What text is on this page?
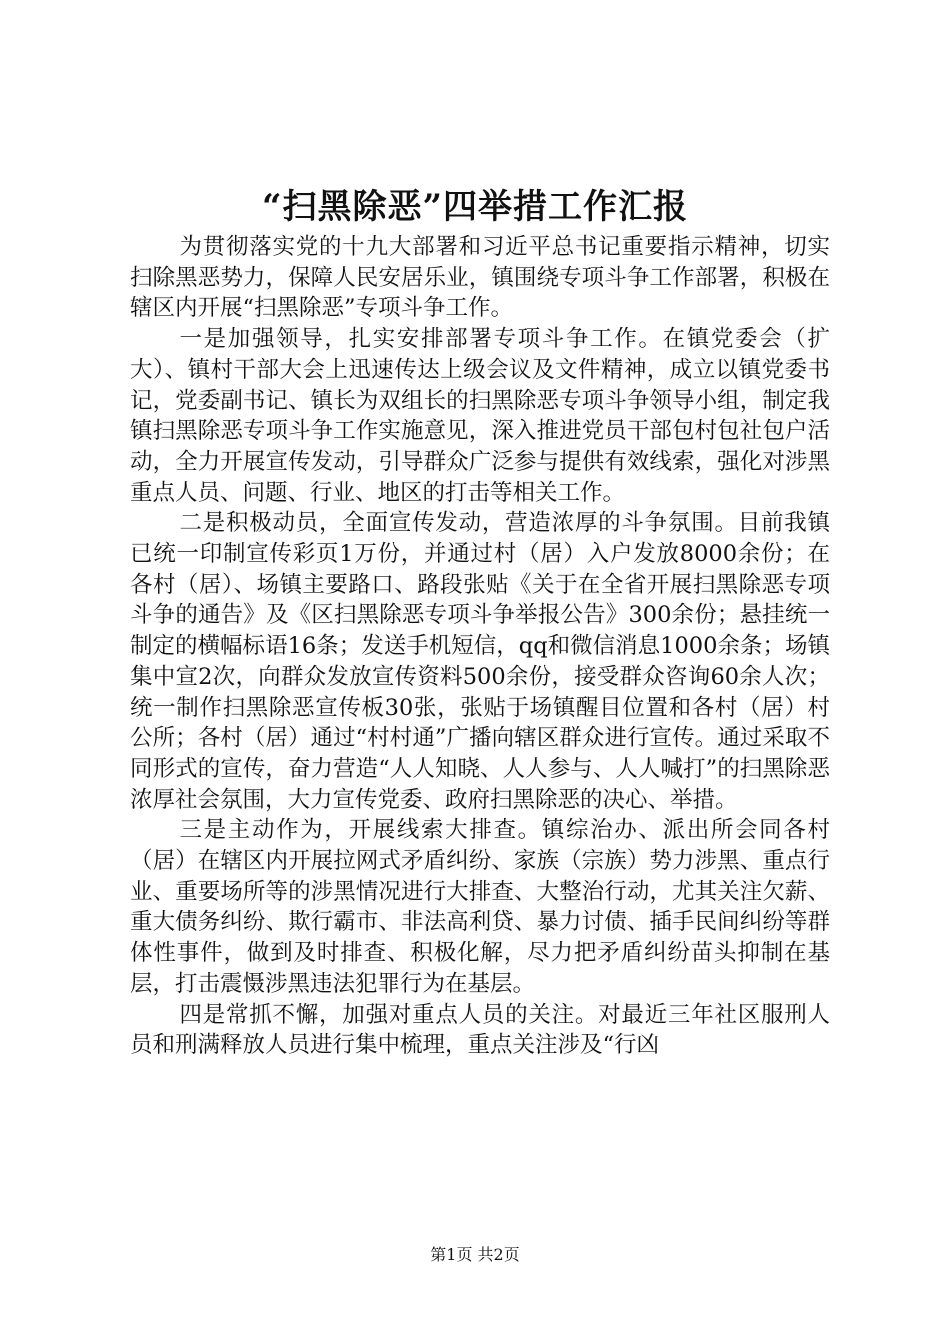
“扫黑除恶”四举措工作汇报

为贯彻落实党的十九大部署和习近平总书记重要指示精神，切实扫除黑恶势力，保障人民安居乐业，镇围绕专项斗争工作部署，积极在辖区内开展“扫黑除恶”专项斗争工作。

一是加强领导，扎实安排部署专项斗争工作。在镇党委会（扩大）、镇村干部大会上迅速传达上级会议及文件精神，成立以镇党委书记，党委副书记、镇长为双组长的扫黑除恶专项斗争领导小组，制定我镇扫黑除恶专项斗争工作实施意见，深入推进党员干部包村包社包户活动，全力开展宣传发动，引导群众广泛参与提供有效线索，强化对涉黑重点人员、问题、行业、地区的打击等相关工作。

二是积极动员，全面宣传发动，营造浓厚的斗争氛围。目前我镇已统一印制宣传彩页1万份，并通过村（居）入户发放8000余份；在各村（居）、场镇主要路口、路段张贴《关于在全省开展扫黑除恶专项斗争的通告》及《区扫黑除恶专项斗争举报公告》300余份；悬挂统一制定的横幅标语16条；发送手机短信，qq和微信消息1000余条；场镇集中宣2次，向群众发放宣传资料500余份，接受群众咨询60余人次；统一制作扫黑除恶宣传板30张，张贴于场镇醒目位置和各村（居）村公所；各村（居）通过“村村通”广播向辖区群众进行宣传。通过采取不同形式的宣传，奋力营造“人人知晓、人人参与、人人喊打”的扫黑除恶浓厚社会氛围，大力宣传党委、政府扫黑除恶的决心、举措。

三是主动作为，开展线索大排查。镇综治办、派出所会同各村（居）在辖区内开展拉网式矛盾纠纷、家族（宗族）势力涉黑、重点行业、重要场所等的涉黑情况进行大排查、大整治行动，尤其关注欠薪、重大债务纠纷、欺行霸市、非法高利贷、暴力讨债、插手民间纠纷等群体性事件，做到及时排查、积极化解，尽力把矛盾纠纷苗头抑制在基层，打击震慑涉黑违法犯罪行为在基层。

四是常抓不懈，加强对重点人员的关注。对最近三年社区服刑人员和刑满释放人员进行集中梳理，重点关注涉及“行凶

第1页 共2页
